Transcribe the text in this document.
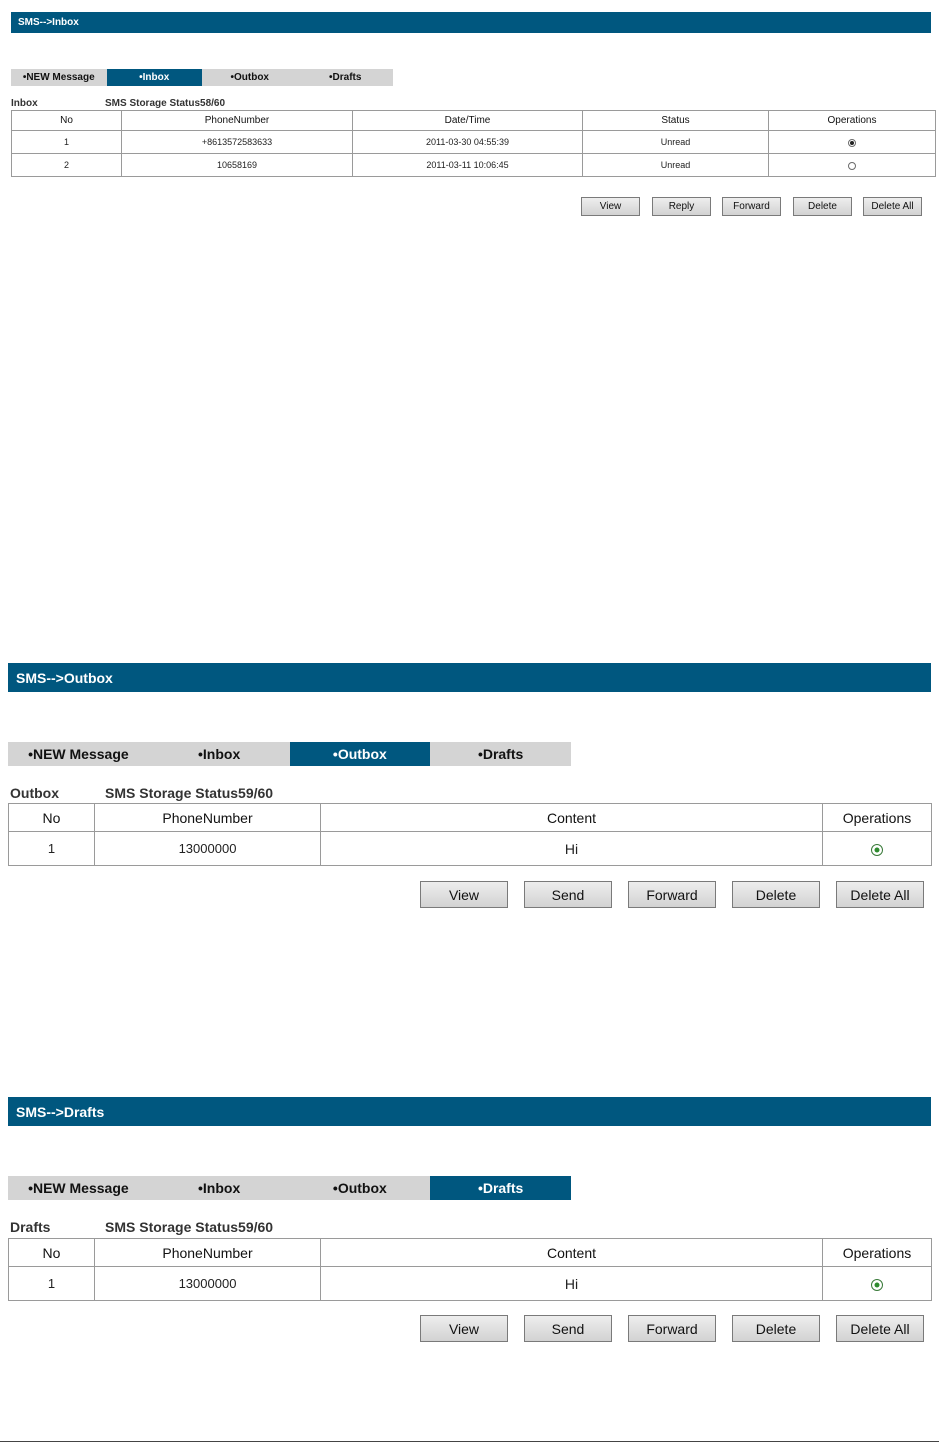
SMS-->Inbox
•NEW Message	•Inbox	•Outbox	•Drafts
Inbox	SMS Storage Status58/60
No	PhoneNumber	Date/Time	Status	Operations
1	+8613572583633	2011-03-30 04:55:39	Unread	
2	10658169	2011-03-11 10:06:45	Unread	
View	Reply	Forward	Delete	Delete All
SMS-->Outbox
•NEW Message	•Inbox	•Outbox	•Drafts
Outbox	SMS Storage Status59/60
No	PhoneNumber	Content	Operations
1	13000000	Hi	
View	Send	Forward	Delete	Delete All
SMS-->Drafts
•NEW Message	•Inbox	•Outbox	•Drafts
Drafts	SMS Storage Status59/60
No	PhoneNumber	Content	Operations
1	13000000	Hi	
View	Send	Forward	Delete	Delete All
